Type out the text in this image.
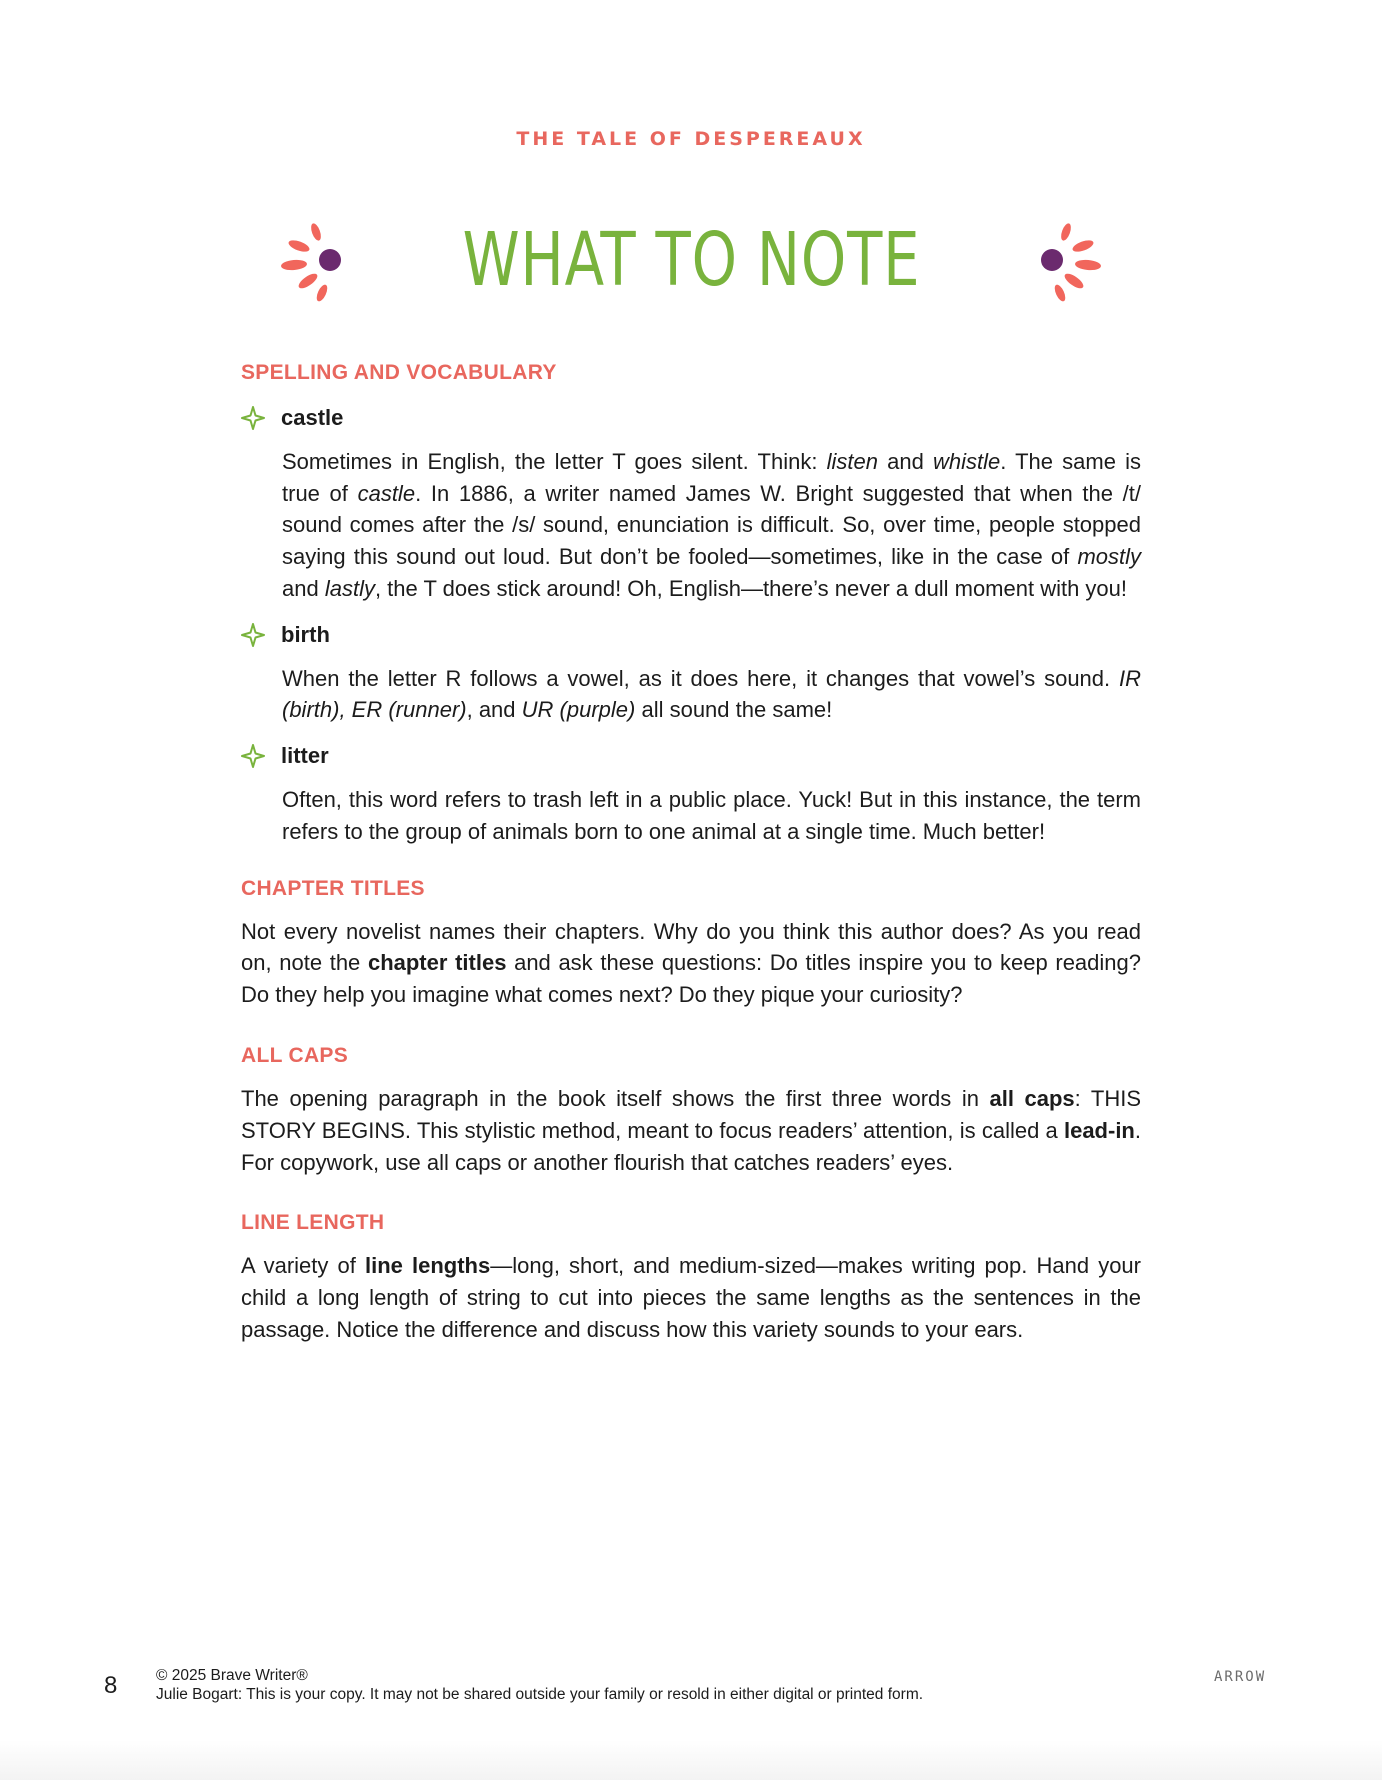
THE TALE OF DESPEREAUX
WHAT TO NOTE
SPELLING AND VOCABULARY
castle

Sometimes in English, the letter T goes silent. Think: listen and whistle. The same is true of castle. In 1886, a writer named James W. Bright suggested that when the /t/ sound comes after the /s/ sound, enunciation is difficult. So, over time, people stopped saying this sound out loud. But don’t be fooled—sometimes, like in the case of mostly and lastly, the T does stick around! Oh, English—there’s never a dull moment with you!

birth

When the letter R follows a vowel, as it does here, it changes that vowel’s sound. IR (birth), ER (runner), and UR (purple) all sound the same!

litter

Often, this word refers to trash left in a public place. Yuck! But in this instance, the term refers to the group of animals born to one animal at a single time. Much better!

CHAPTER TITLES

Not every novelist names their chapters. Why do you think this author does? As you read on, note the chapter titles and ask these questions: Do titles inspire you to keep reading? Do they help you imagine what comes next? Do they pique your curiosity?

ALL CAPS

The opening paragraph in the book itself shows the first three words in all caps: THIS STORY BEGINS. This stylistic method, meant to focus readers’ attention, is called a lead-in. For copywork, use all caps or another flourish that catches readers’ eyes.

LINE LENGTH

A variety of line lengths—long, short, and medium-sized—makes writing pop. Hand your child a long length of string to cut into pieces the same lengths as the sentences in the passage. Notice the difference and discuss how this variety sounds to your ears.

8 © 2025 Brave Writer®
Julie Bogart: This is your copy. It may not be shared outside your family or resold in either digital or printed form.
ARROW
